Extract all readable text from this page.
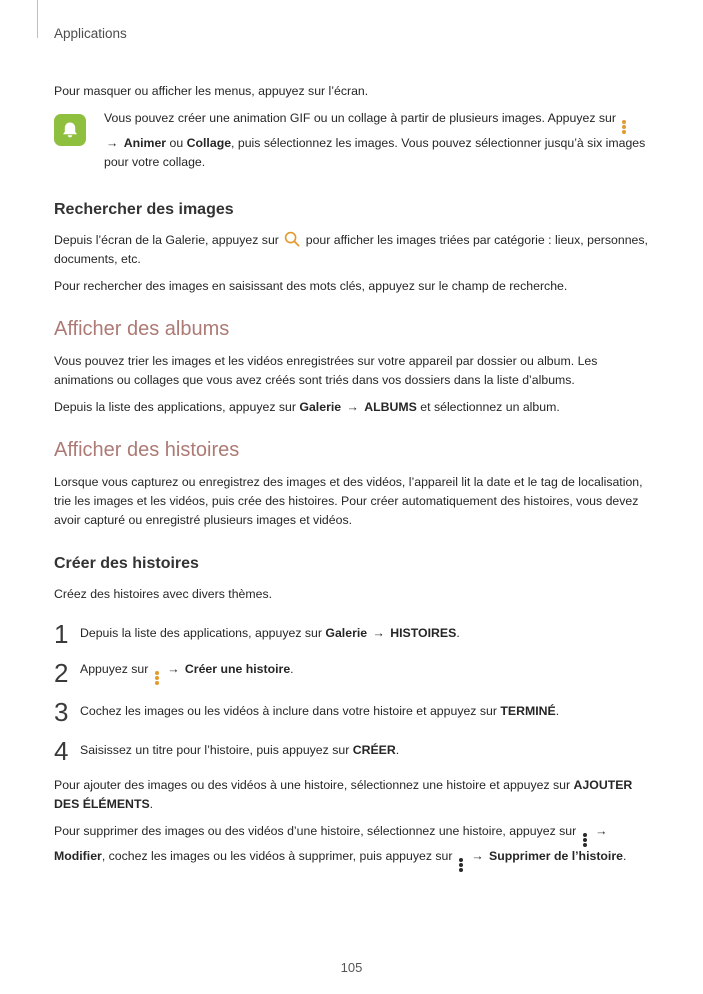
Applications

Pour masquer ou afficher les menus, appuyez sur l’écran.

Vous pouvez créer une animation GIF ou un collage à partir de plusieurs images. Appuyez sur
→ Animer ou Collage, puis sélectionnez les images. Vous pouvez sélectionner jusqu’à six images pour votre collage.

Rechercher des images

Depuis l’écran de la Galerie, appuyez sur pour afficher les images triées par catégorie : lieux, personnes, documents, etc.

Pour rechercher des images en saisissant des mots clés, appuyez sur le champ de recherche.

Afficher des albums

Vous pouvez trier les images et les vidéos enregistrées sur votre appareil par dossier ou album. Les animations ou collages que vous avez créés sont triés dans vos dossiers dans la liste d’albums.

Depuis la liste des applications, appuyez sur Galerie → ALBUMS et sélectionnez un album.

Afficher des histoires

Lorsque vous capturez ou enregistrez des images et des vidéos, l’appareil lit la date et le tag de localisation, trie les images et les vidéos, puis crée des histoires. Pour créer automatiquement des histoires, vous devez avoir capturé ou enregistré plusieurs images et vidéos.

Créer des histoires

Créez des histoires avec divers thèmes.

1 Depuis la liste des applications, appuyez sur Galerie → HISTOIRES.
2 Appuyez sur → Créer une histoire.
3 Cochez les images ou les vidéos à inclure dans votre histoire et appuyez sur TERMINÉ.
4 Saisissez un titre pour l’histoire, puis appuyez sur CRÉER.

Pour ajouter des images ou des vidéos à une histoire, sélectionnez une histoire et appuyez sur AJOUTER DES ÉLÉMENTS.

Pour supprimer des images ou des vidéos d’une histoire, sélectionnez une histoire, appuyez sur → Modifier, cochez les images ou les vidéos à supprimer, puis appuyez sur → Supprimer de l’histoire.

105
